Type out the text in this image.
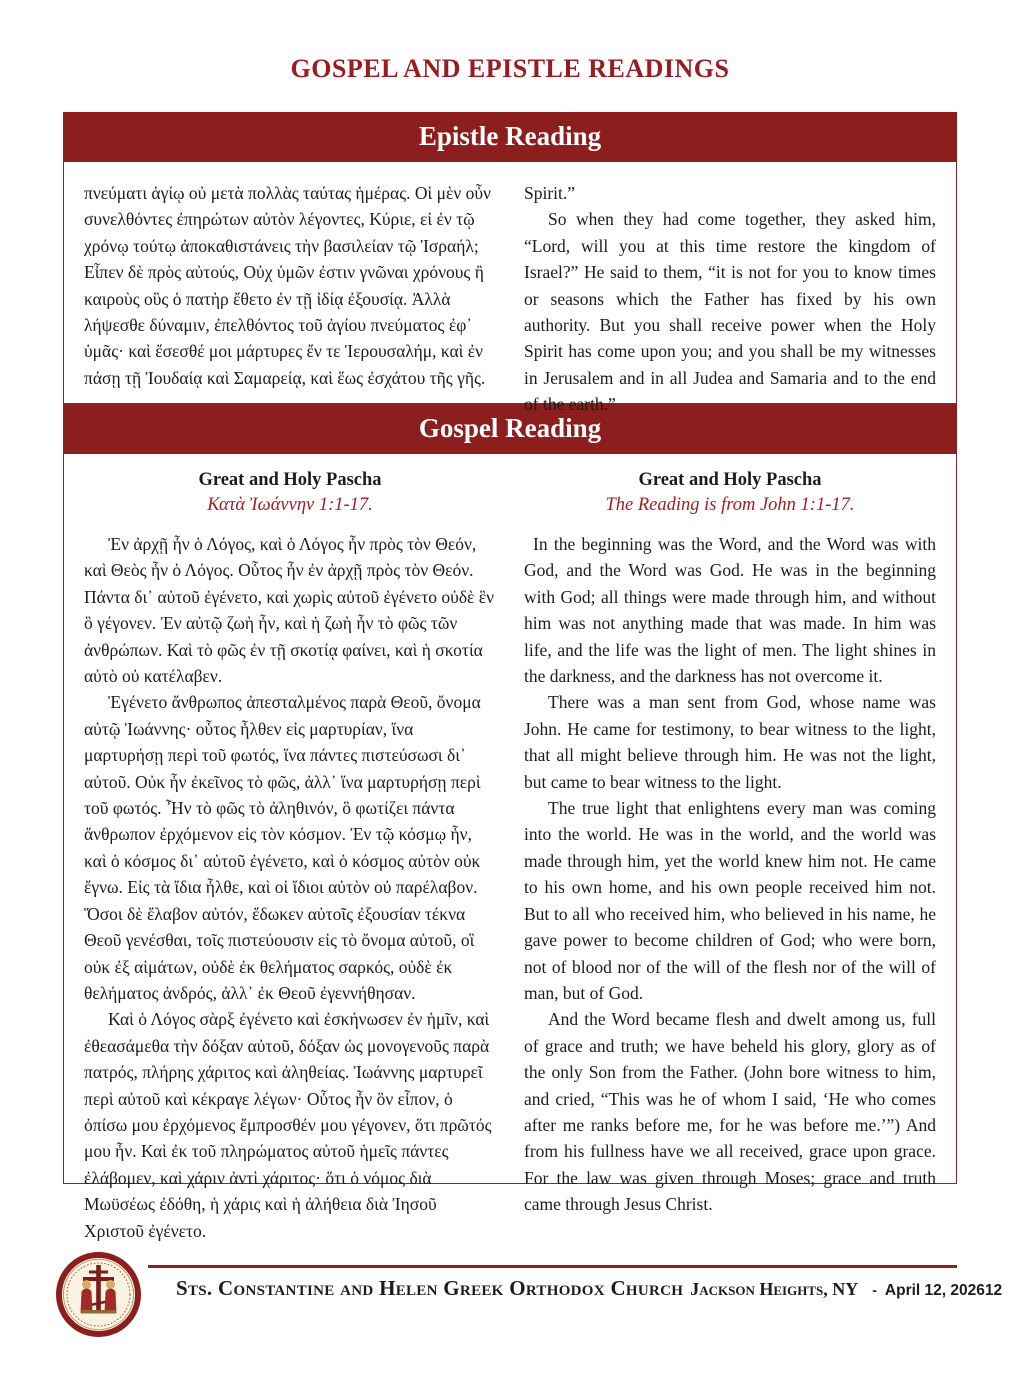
GOSPEL AND EPISTLE READINGS
Epistle Reading

πνεύματι ἁγίῳ οὐ μετὰ πολλὰς ταύτας ἡμέρας. Οἱ μὲν οὖν συνελθόντες ἐπηρώτων αὐτὸν λέγοντες, Κύριε, εἰ ἐν τῷ χρόνῳ τούτῳ ἀποκαθιστάνεις τὴν βασιλείαν τῷ Ἰσραήλ; Εἶπεν δὲ πρὸς αὐτούς, Οὐχ ὑμῶν ἐστιν γνῶναι χρόνους ἢ καιροὺς οὓς ὁ πατὴρ ἔθετο ἐν τῇ ἰδίᾳ ἐξουσίᾳ. Ἀλλὰ λήψεσθε δύναμιν, ἐπελθόντος τοῦ ἁγίου πνεύματος ἐφ᾽ ὑμᾶς· καὶ ἔσεσθέ μοι μάρτυρες ἔν τε Ἱερουσαλήμ, καὶ ἐν πάσῃ τῇ Ἰουδαίᾳ καὶ Σαμαρείᾳ, καὶ ἕως ἐσχάτου τῆς γῆς.

Spirit.”

So when they had come together, they asked him, “Lord, will you at this time restore the kingdom of Israel?” He said to them, “it is not for you to know times or seasons which the Father has fixed by his own authority. But you shall receive power when the Holy Spirit has come upon you; and you shall be my witnesses in Jerusalem and in all Judea and Samaria and to the end of the earth.”

Gospel Reading
Great and Holy Pascha
Κατὰ Ἰωάννην 1:1-17.

Ἐν ἀρχῇ ἦν ὁ Λόγος, καὶ ὁ Λόγος ἦν πρὸς τὸν Θεόν, καὶ Θεὸς ἦν ὁ Λόγος. Οὗτος ἦν ἐν ἀρχῇ πρὸς τὸν Θεόν. Πάντα δι᾽ αὐτοῦ ἐγένετο, καὶ χωρὶς αὐτοῦ ἐγένετο οὐδὲ ἓν ὃ γέγονεν. Ἐν αὐτῷ ζωὴ ἦν, καὶ ἡ ζωὴ ἦν τὸ φῶς τῶν ἀνθρώπων. Καὶ τὸ φῶς ἐν τῇ σκοτίᾳ φαίνει, καὶ ἡ σκοτία αὐτὸ οὐ κατέλαβεν.

Ἐγένετο ἄνθρωπος ἀπεσταλμένος παρὰ Θεοῦ, ὄνομα αὐτῷ Ἰωάννης· οὗτος ἦλθεν εἰς μαρτυρίαν, ἵνα μαρτυρήσῃ περὶ τοῦ φωτός, ἵνα πάντες πιστεύσωσι δι᾽ αὐτοῦ. Οὐκ ἦν ἐκεῖνος τὸ φῶς, ἀλλ᾽ ἵνα μαρτυρήσῃ περὶ τοῦ φωτός. Ἦν τὸ φῶς τὸ ἀληθινόν, ὃ φωτίζει πάντα ἄνθρωπον ἐρχόμενον εἰς τὸν κόσμον. Ἐν τῷ κόσμῳ ἦν, καὶ ὁ κόσμος δι᾽ αὐτοῦ ἐγένετο, καὶ ὁ κόσμος αὐτὸν οὐκ ἔγνω. Εἰς τὰ ἴδια ἦλθε, καὶ οἱ ἴδιοι αὐτὸν οὐ παρέλαβον. Ὅσοι δὲ ἔλαβον αὐτόν, ἔδωκεν αὐτοῖς ἐξουσίαν τέκνα Θεοῦ γενέσθαι, τοῖς πιστεύουσιν εἰς τὸ ὄνομα αὐτοῦ, οἳ οὐκ ἐξ αἱμάτων, οὐδὲ ἐκ θελήματος σαρκός, οὐδὲ ἐκ θελήματος ἀνδρός, ἀλλ᾽ ἐκ Θεοῦ ἐγεννήθησαν.

Καὶ ὁ Λόγος σὰρξ ἐγένετο καὶ ἐσκήνωσεν ἐν ἡμῖν, καὶ ἐθεασάμεθα τὴν δόξαν αὐτοῦ, δόξαν ὡς μονογενοῦς παρὰ πατρός, πλήρης χάριτος καὶ ἀληθείας. Ἰωάννης μαρτυρεῖ περὶ αὐτοῦ καὶ κέκραγε λέγων· Οὗτος ἦν ὃν εἶπον, ὁ ὀπίσω μου ἐρχόμενος ἔμπροσθέν μου γέγονεν, ὅτι πρῶτός μου ἦν. Καὶ ἐκ τοῦ πληρώματος αὐτοῦ ἡμεῖς πάντες ἐλάβομεν, καὶ χάριν ἀντὶ χάριτος· ὅτι ὁ νόμος διὰ Μωϋσέως ἐδόθη, ἡ χάρις καὶ ἡ ἀλήθεια διὰ Ἰησοῦ Χριστοῦ ἐγένετο.

Great and Holy Pascha
The Reading is from John 1:1-17.

In the beginning was the Word, and the Word was with God, and the Word was God. He was in the beginning with God; all things were made through him, and without him was not anything made that was made. In him was life, and the life was the light of men. The light shines in the darkness, and the darkness has not overcome it.

There was a man sent from God, whose name was John. He came for testimony, to bear witness to the light, that all might believe through him. He was not the light, but came to bear witness to the light.

The true light that enlightens every man was coming into the world. He was in the world, and the world was made through him, yet the world knew him not. He came to his own home, and his own people received him not. But to all who received him, who believed in his name, he gave power to become children of God; who were born, not of blood nor of the will of the flesh nor of the will of man, but of God.

And the Word became flesh and dwelt among us, full of grace and truth; we have beheld his glory, glory as of the only Son from the Father. (John bore witness to him, and cried, “This was he of whom I said, ‘He who comes after me ranks before me, for he was before me.’”) And from his fullness have we all received, grace upon grace. For the law was given through Moses; grace and truth came through Jesus Christ.

Sts. Constantine and Helen Greek Orthodox Church Jackson Heights, NY - April 12, 2026 12
